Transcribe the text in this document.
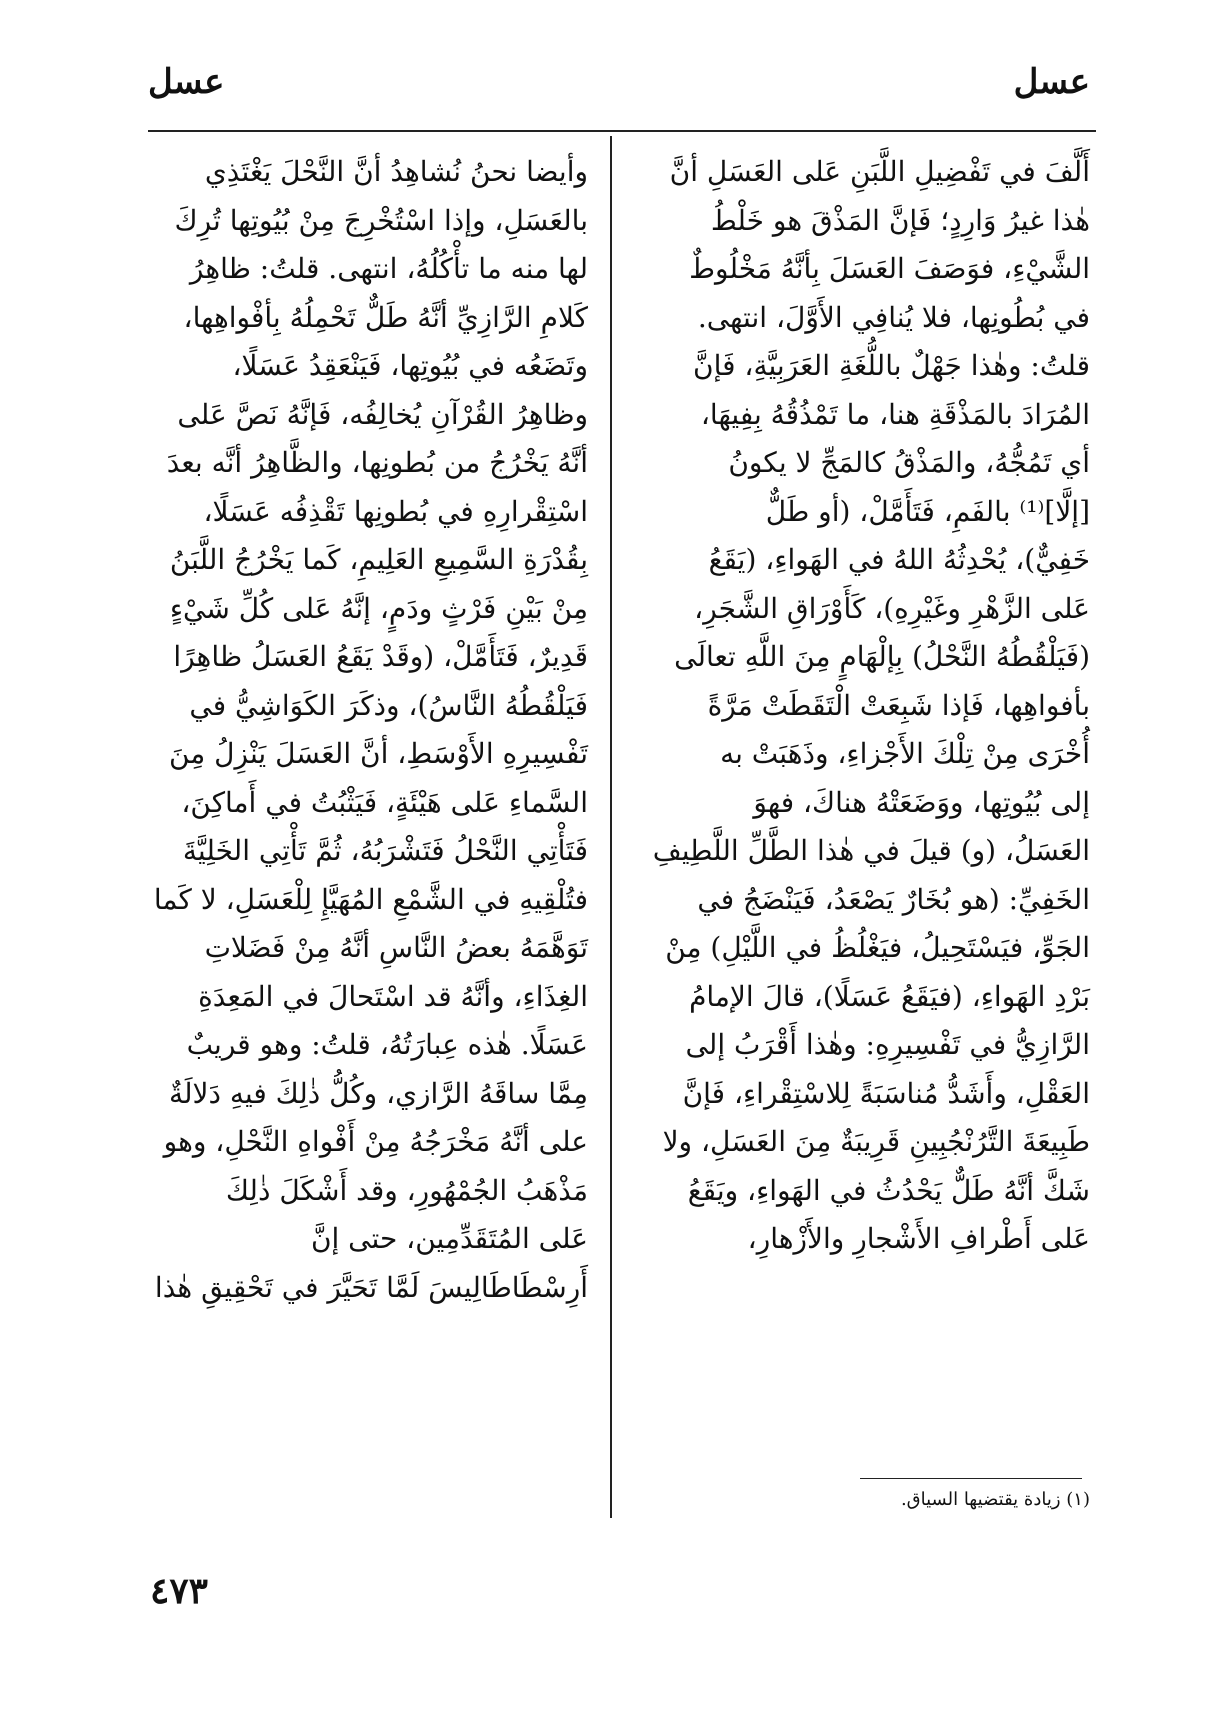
عسل
عسل

أَلَّفَ في تَفْضِيلِ اللَّبَنِ عَلى العَسَلِ أنَّ

هٰذا غيرُ وَارِدٍ؛ فَإنَّ المَذْقَ هو خَلْطُ

الشَّيْءِ، فوَصَفَ العَسَلَ بِأنَّهُ مَخْلُوطٌ

في بُطُونِها، فلا يُنافِي الأَوَّلَ، انتهى.

قلتُ: وهٰذا جَهْلٌ باللُّغَةِ العَرَبِيَّةِ، فَإنَّ

المُرَادَ بالمَذْقَةِ هنا، ما تَمْذُقُهُ بِفِيهَا،

أي تَمُجُّهُ، والمَذْقُ كالمَجِّ لا يكونُ

[إلَّا]⁽¹⁾ بالفَمِ، فَتَأَمَّلْ، (أو طَلٌّ

خَفِيٌّ)، يُحْدِثُهُ اللهُ في الهَواءِ، (يَقَعُ

عَلى الزَّهْرِ وغَيْرِهِ)، كَأَوْرَاقِ الشَّجَرِ،

(فَيَلْقُطُهُ النَّحْلُ) بِإلْهَامٍ مِنَ اللَّهِ تعالَى

بأفواهِها، فَإذا شَبِعَتْ الْتَقَطَتْ مَرَّةً

أُخْرَى مِنْ تِلْكَ الأَجْزاءِ، وذَهَبَتْ به

إلى بُيُوتِها، ووَضَعَتْهُ هناكَ، فهوَ

العَسَلُ، (و) قيلَ في هٰذا الطَّلِّ اللَّطِيفِ

الخَفِيِّ: (هو بُخَارٌ يَصْعَدُ، فَيَنْضَجُ في

الجَوِّ، فيَسْتَحِيلُ، فيَغْلُظُ في اللَّيْلِ) مِنْ

بَرْدِ الهَواءِ، (فيَقَعُ عَسَلًا)، قالَ الإمامُ

الرَّازِيُّ في تَفْسِيرِهِ: وهٰذا أَقْرَبُ إلى

العَقْلِ، وأَشَدُّ مُناسَبَةً لِلاسْتِقْراءِ، فَإنَّ

طَبِيعَةَ التَّرُنْجُبِينِ قَرِيبَةٌ مِنَ العَسَلِ، ولا

شَكَّ أنَّهُ طَلٌّ يَحْدُثُ في الهَواءِ، ويَقَعُ

عَلى أَطْرافِ الأَشْجارِ والأَزْهارِ،

وأيضا نحنُ نُشاهِدُ أنَّ النَّحْلَ يَغْتَذِي

بالعَسَلِ، وإذا اسْتُخْرِجَ مِنْ بُيُوتِها تُرِكَ

لها منه ما تأْكُلُهُ، انتهى. قلتُ: ظاهِرُ

كَلامِ الرَّازِيِّ أنَّهُ طَلٌّ تَحْمِلُهُ بِأفْواهِها،

وتَضَعُه في بُيُوتِها، فَيَنْعَقِدُ عَسَلًا،

وظاهِرُ القُرْآنِ يُخالِفُه، فَإنَّهُ نَصَّ عَلى

أنَّهُ يَخْرُجُ من بُطونِها، والظَّاهِرُ أنَّه بعدَ

اسْتِقْرارِهِ في بُطونِها تَقْذِفُه عَسَلًا،

بِقُدْرَةِ السَّمِيعِ العَلِيمِ، كَما يَخْرُجُ اللَّبَنُ

مِنْ بَيْنِ فَرْثٍ ودَمٍ، إنَّهُ عَلى كُلِّ شَيْءٍ

قَدِيرٌ، فَتَأَمَّلْ، (وقَدْ يَقَعُ العَسَلُ ظاهِرًا

فَيَلْقُطُهُ النَّاسُ)، وذكَرَ الكَوَاشِيُّ في

تَفْسِيرِهِ الأَوْسَطِ، أنَّ العَسَلَ يَنْزِلُ مِنَ

السَّماءِ عَلى هَيْئَةٍ، فَيَثْبُتُ في أَماكِنَ،

فَتَأْتِي النَّحْلُ فَتَشْرَبُهُ، ثُمَّ تَأْتِي الخَلِيَّةَ

فتُلْقِيهِ في الشَّمْعِ المُهَيَّإِ لِلْعَسَلِ، لا كَما

تَوَهَّمَهُ بعضُ النَّاسِ أنَّهُ مِنْ فَضَلاتِ

الغِذَاءِ، وأنَّهُ قد اسْتَحالَ في المَعِدَةِ

عَسَلًا. هٰذه عِبارَتُهُ، قلتُ: وهو قريبٌ

مِمَّا ساقَهُ الرَّازي، وكُلُّ ذٰلِكَ فيهِ دَلالَةٌ

على أنَّهُ مَخْرَجُهُ مِنْ أَفْواهِ النَّحْلِ، وهو

مَذْهَبُ الجُمْهُورِ، وقد أَشْكَلَ ذٰلِكَ

عَلى المُتَقَدِّمِين، حتى إنَّ

أَرِسْطَاطَالِيسَ لَمَّا تَحَيَّرَ في تَحْقِيقِ هٰذا

(١) زيادة يقتضيها السياق.
٤٧٣
